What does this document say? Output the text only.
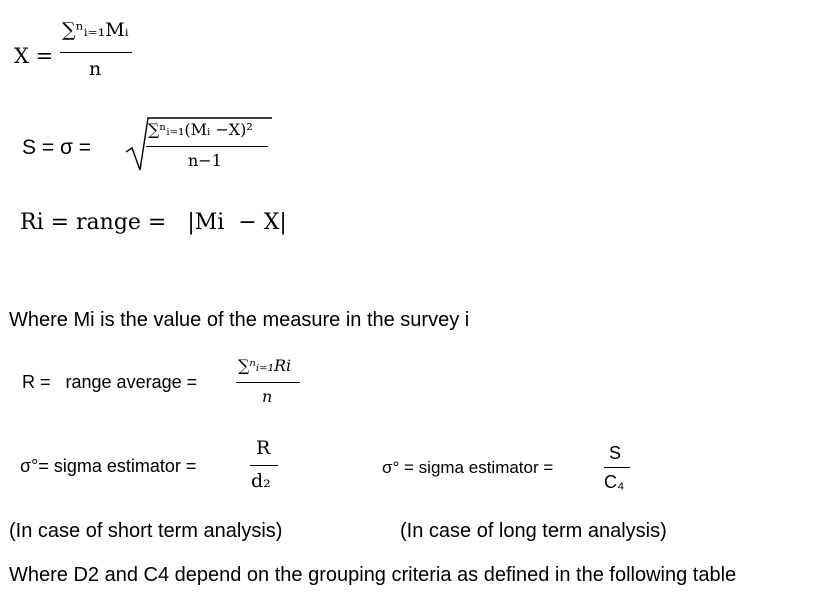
X =
∑ⁿᵢ₌₁Mᵢ
n
S = σ =
∑ⁿᵢ₌₁(Mᵢ −X)²
n−1
Ri = range =   |Mi  − X|
Where Mi is the value of the measure in the survey i
R =   range average =
∑ⁿᵢ₌₁Ri
n
σ°= sigma estimator =
R
d₂
σ° = sigma estimator =
S
C₄
(In case of short term analysis)	(In case of long term analysis)
Where D2 and C4 depend on the grouping criteria as defined in the following table
